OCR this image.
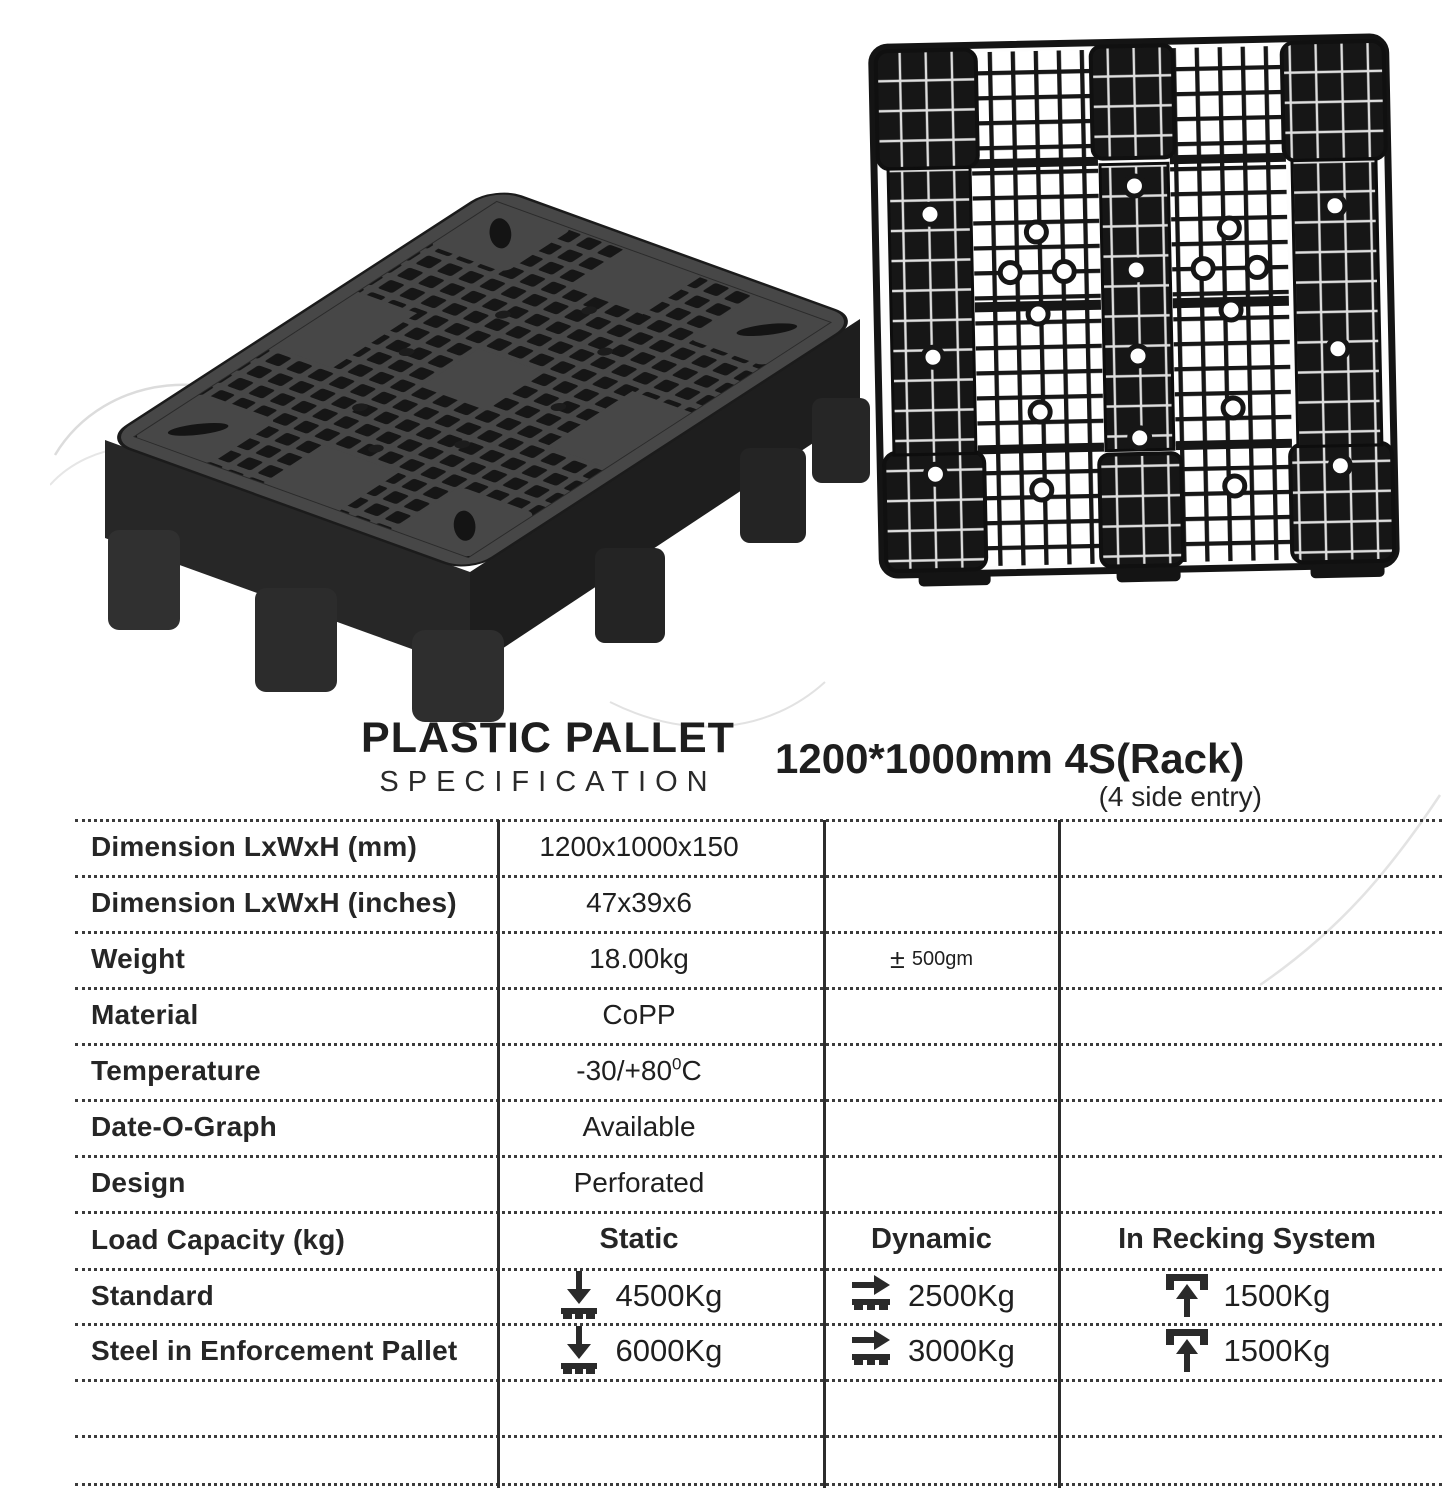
PLASTIC PALLET
SPECIFICATION	1200*1000mm 4S(Rack)
(4 side entry)
Dimension LxWxH (mm)	1200x1000x150
Dimension LxWxH (inches)	47x39x6
Weight	18.00kg	± 500gm
Material	CoPP
Temperature	$-30/+80^0C$
Date-O-Graph	Available
Design	Perforated
Load Capacity (kg)	Static	Dynamic	In Recking System
Standard	4500Kg	2500Kg	1500Kg
Steel in Enforcement Pallet	6000Kg	3000Kg	1500Kg
